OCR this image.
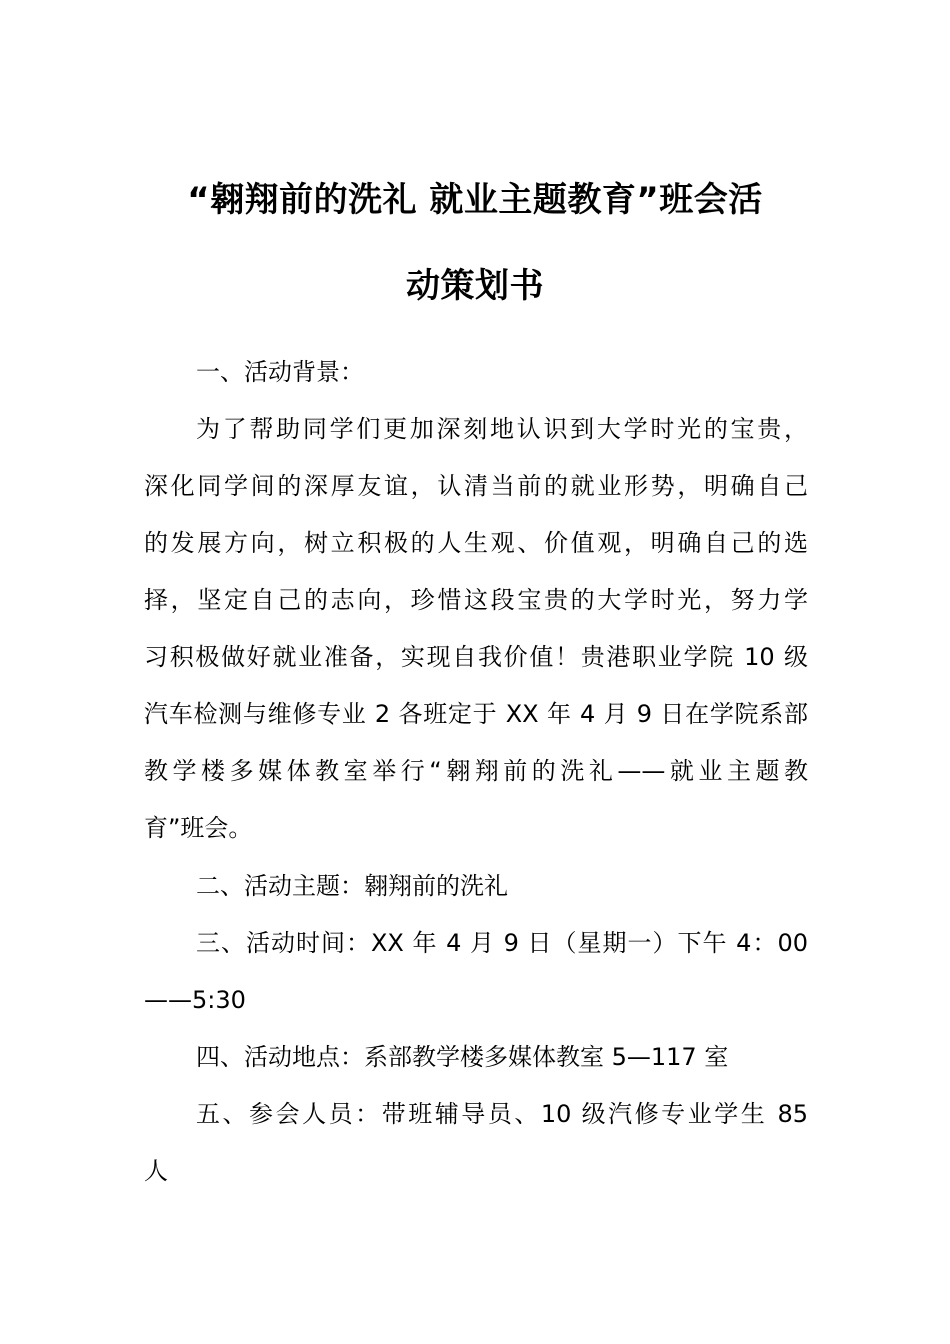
“翱翔前的洗礼 就业主题教育”班会活
动策划书
一、活动背景：
为了帮助同学们更加深刻地认识到大学时光的宝贵，
深化同学间的深厚友谊，认清当前的就业形势，明确自己
的发展方向，树立积极的人生观、价值观，明确自己的选
择，坚定自己的志向，珍惜这段宝贵的大学时光，努力学
习积极做好就业准备，实现自我价值！贵港职业学院 10 级
汽车检测与维修专业 2 各班定于 XX 年 4 月 9 日在学院系部
教学楼多媒体教室举行“翱翔前的洗礼——就业主题教
育”班会。
二、活动主题：翱翔前的洗礼
三、活动时间：XX 年 4 月 9 日（星期一）下午 4：00
——5:30
四、活动地点：系部教学楼多媒体教室 5—117 室
五、参会人员：带班辅导员、10 级汽修专业学生 85
人
